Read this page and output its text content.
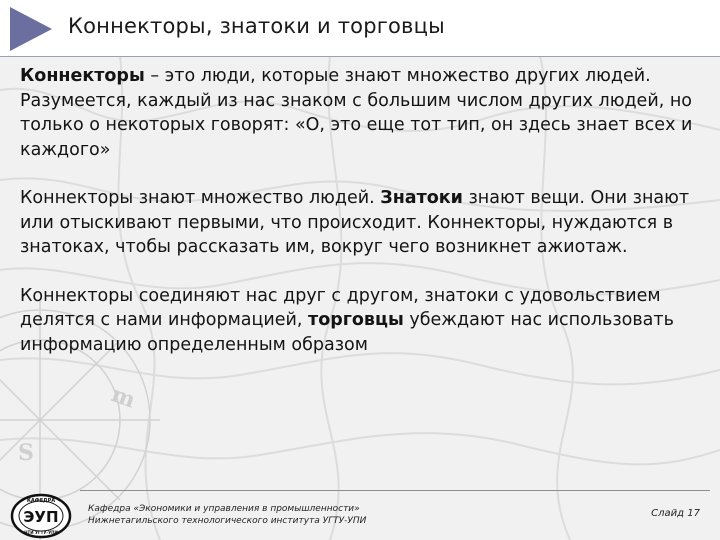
m
S
Коннекторы, знатоки и торговцы

Коннекторы – это люди, которые знают множество других людей. Разумеется, каждый из нас знаком с большим числом других людей, но только о некоторых говорят: «О, это еще тот тип, он здесь знает всех и каждого»

Коннекторы знают множество людей. Знатоки знают вещи. Они знают или отыскивают первыми, что происходит. Коннекторы, нуждаются в знатоках, чтобы рассказать им, вокруг чего возникнет ажиотаж.

Коннекторы соединяют нас друг с другом, знатоки с удовольствием делятся с нами информацией, торговцы убеждают нас использовать информацию определенным образом

КАФЕДРА
ЭУП
НТИ УГТУ-УПИ
Кафедра «Экономики и управления в промышленности»
Нижнетагильского технологического института УГТУ-УПИ
Слайд 17
